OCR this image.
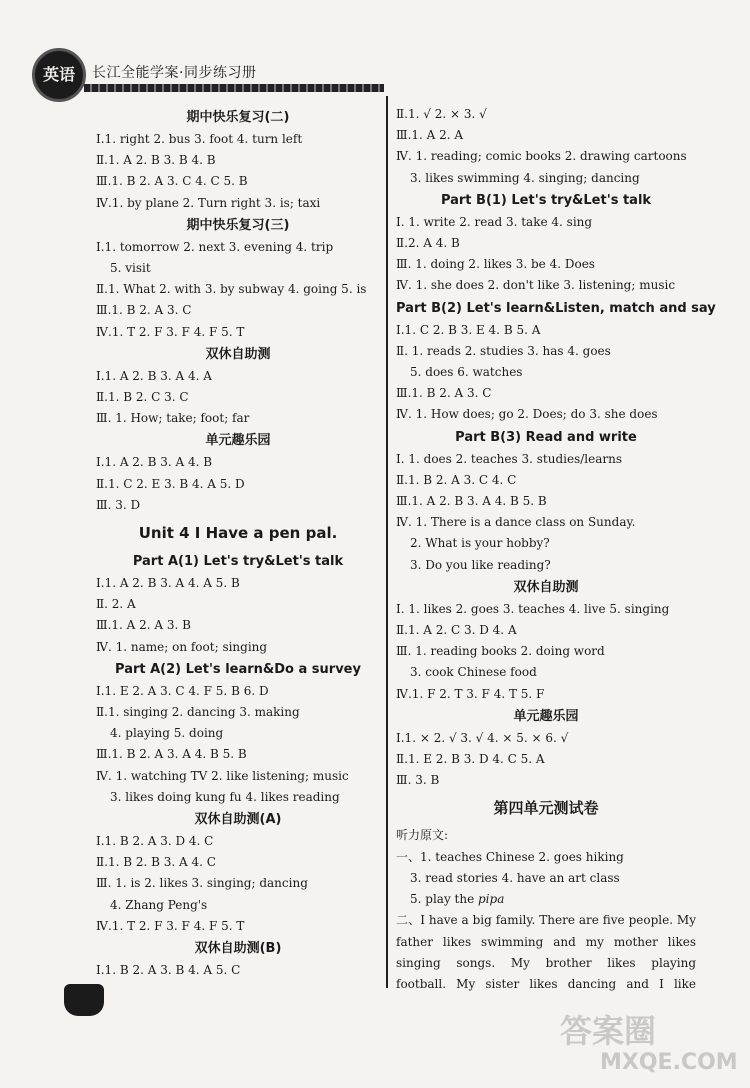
英语	长江全能学案·同步练习册
期中快乐复习(二)
Ⅰ.1. right 2. bus 3. foot 4. turn left
Ⅱ.1. A 2. B 3. B 4. B
Ⅲ.1. B 2. A 3. C 4. C 5. B
Ⅳ.1. by plane 2. Turn right 3. is; taxi
期中快乐复习(三)
Ⅰ.1. tomorrow 2. next 3. evening 4. trip
5. visit
Ⅱ.1. What 2. with 3. by subway 4. going 5. is
Ⅲ.1. B 2. A 3. C
Ⅳ.1. T 2. F 3. F 4. F 5. T
双休自助测
Ⅰ.1. A 2. B 3. A 4. A
Ⅱ.1. B 2. C 3. C
Ⅲ. 1. How; take; foot; far
单元趣乐园
Ⅰ.1. A 2. B 3. A 4. B
Ⅱ.1. C 2. E 3. B 4. A 5. D
Ⅲ. 3. D
Unit 4 I Have a pen pal.
Part A(1) Let's try&Let's talk
Ⅰ.1. A 2. B 3. A 4. A 5. B
Ⅱ. 2. A
Ⅲ.1. A 2. A 3. B
Ⅳ. 1. name; on foot; singing
Part A(2) Let's learn&Do a survey
Ⅰ.1. E 2. A 3. C 4. F 5. B 6. D
Ⅱ.1. singing 2. dancing 3. making
4. playing 5. doing
Ⅲ.1. B 2. A 3. A 4. B 5. B
Ⅳ. 1. watching TV 2. like listening; music
3. likes doing kung fu 4. likes reading
双休自助测(A)
Ⅰ.1. B 2. A 3. D 4. C
Ⅱ.1. B 2. B 3. A 4. C
Ⅲ. 1. is 2. likes 3. singing; dancing
4. Zhang Peng's
Ⅳ.1. T 2. F 3. F 4. F 5. T
双休自助测(B)
Ⅰ.1. B 2. A 3. B 4. A 5. C
Ⅱ.1. √ 2. × 3. √
Ⅲ.1. A 2. A
Ⅳ. 1. reading; comic books 2. drawing cartoons
3. likes swimming 4. singing; dancing
Part B(1) Let's try&Let's talk
Ⅰ. 1. write 2. read 3. take 4. sing
Ⅱ.2. A 4. B
Ⅲ. 1. doing 2. likes 3. be 4. Does
Ⅳ. 1. she does 2. don't like 3. listening; music
Part B(2) Let's learn&Listen, match and say
Ⅰ.1. C 2. B 3. E 4. B 5. A
Ⅱ. 1. reads 2. studies 3. has 4. goes
5. does 6. watches
Ⅲ.1. B 2. A 3. C
Ⅳ. 1. How does; go 2. Does; do 3. she does
Part B(3) Read and write
Ⅰ. 1. does 2. teaches 3. studies/learns
Ⅱ.1. B 2. A 3. C 4. C
Ⅲ.1. A 2. B 3. A 4. B 5. B
Ⅳ. 1. There is a dance class on Sunday.
2. What is your hobby?
3. Do you like reading?
双休自助测
Ⅰ. 1. likes 2. goes 3. teaches 4. live 5. singing
Ⅱ.1. A 2. C 3. D 4. A
Ⅲ. 1. reading books 2. doing word
3. cook Chinese food
Ⅳ.1. F 2. T 3. F 4. T 5. F
单元趣乐园
Ⅰ.1. × 2. √ 3. √ 4. × 5. × 6. √
Ⅱ.1. E 2. B 3. D 4. C 5. A
Ⅲ. 3. B
第四单元测试卷
听力原文:
一、1. teaches Chinese 2. goes hiking
3. read stories 4. have an art class
5. play the pipa
二、I have a big family. There are five people. My
father likes swimming and my mother likes
singing songs. My brother likes playing
football. My sister likes dancing and I like
答案圈
MXQE.COM
